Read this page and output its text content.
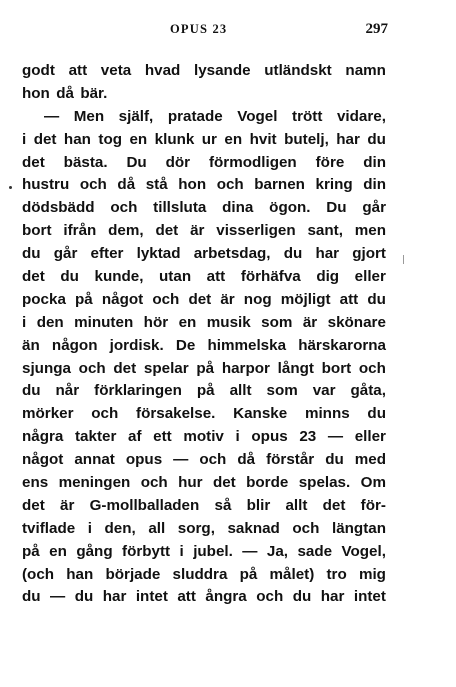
OPUS 23	297
godt att veta hvad lysande utländskt namn
hon då bär.
— Men själf, pratade Vogel trött vidare,
i det han tog en klunk ur en hvit butelj, har du
det bästa. Du dör förmodligen före din
hustru och då stå hon och barnen kring din
dödsbädd och tillsluta dina ögon. Du går
bort ifrån dem, det är visserligen sant, men
du går efter lyktad arbetsdag, du har gjort
det du kunde, utan att förhäfva dig eller
pocka på något och det är nog möjligt att du
i den minuten hör en musik som är skönare
än någon jordisk. De himmelska härskarorna
sjunga och det spelar på harpor långt bort och
du når förklaringen på allt som var gåta,
mörker och försakelse. Kanske minns du
några takter af ett motiv i opus 23 — eller
något annat opus — och då förstår du med
ens meningen och hur det borde spelas. Om
det är G-mollballaden så blir allt det för-
tviflade i den, all sorg, saknad och längtan
på en gång förbytt i jubel. — Ja, sade Vogel,
(och han började sluddra på målet) tro mig
du — du har intet att ångra och du har intet
